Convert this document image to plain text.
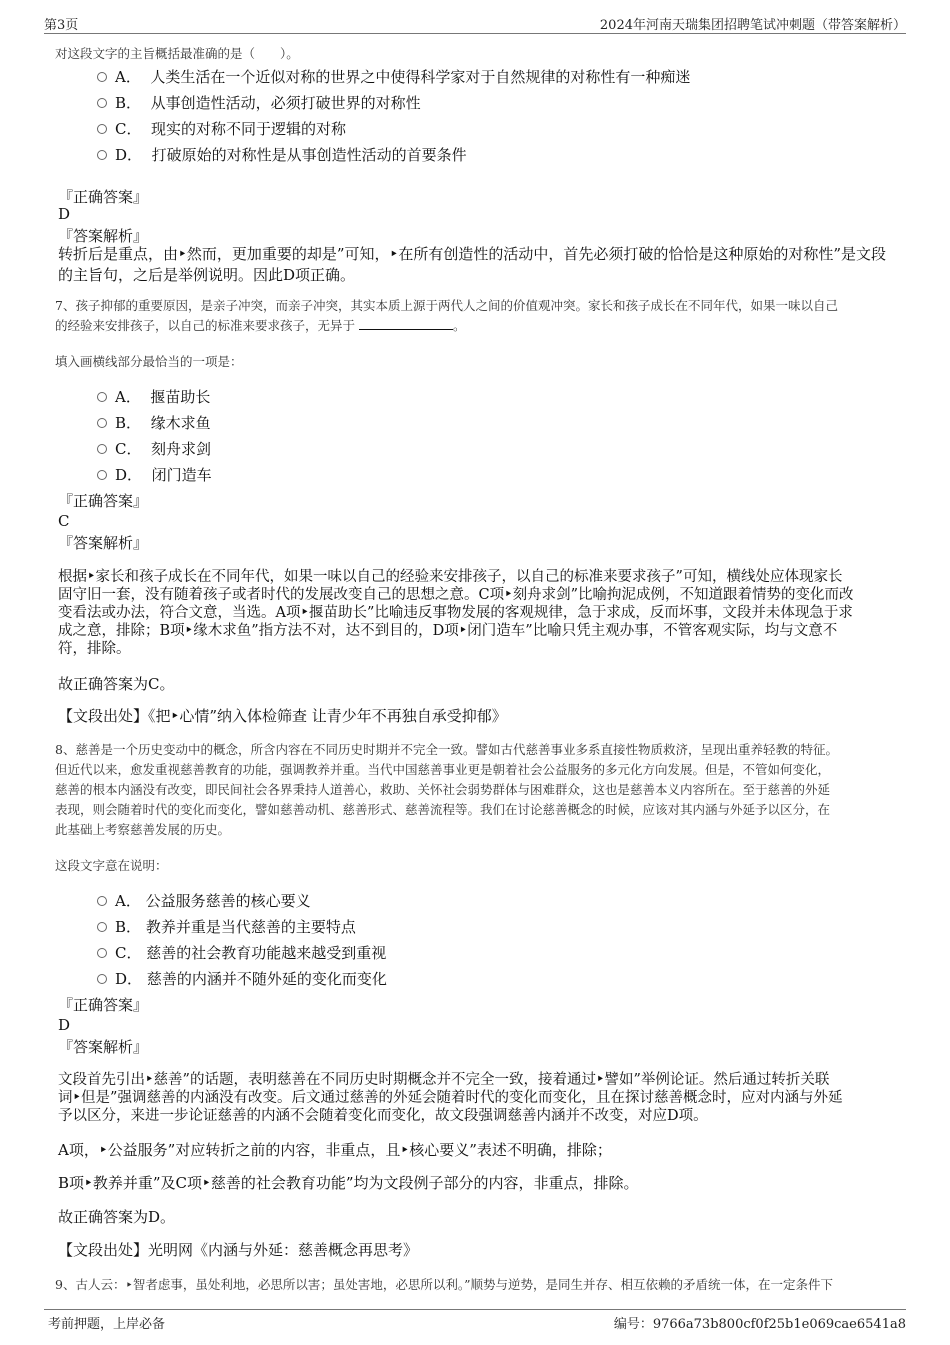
第3页	2024年河南天瑞集团招聘笔试冲刺题（带答案解析）
对这段文字的主旨概括最准确的是（　　）。
A． 人类生活在一个近似对称的世界之中使得科学家对于自然规律的对称性有一种痴迷
B． 从事创造性活动，必须打破世界的对称性
C． 现实的对称不同于逻辑的对称
D． 打破原始的对称性是从事创造性活动的首要条件
『正确答案』
D
『答案解析』
转折后是重点，由‣然而，更加重要的却是”可知，‣在所有创造性的活动中，首先必须打破的恰恰是这种原始的对称性”是文段
的主旨句，之后是举例说明。因此D项正确。
7、孩子抑郁的重要原因，是亲子冲突，而亲子冲突，其实本质上源于两代人之间的价值观冲突。家长和孩子成长在不同年代，如果一味以自己
的经验来安排孩子，以自己的标准来要求孩子，无异于	。
填入画横线部分最恰当的一项是：
A． 揠苗助长
B． 缘木求鱼
C． 刻舟求剑
D． 闭门造车
『正确答案』
C
『答案解析』
根据‣家长和孩子成长在不同年代，如果一味以自己的经验来安排孩子，以自己的标准来要求孩子”可知，横线处应体现家长
固守旧一套，没有随着孩子或者时代的发展改变自己的思想之意。C项‣刻舟求剑”比喻拘泥成例，不知道跟着情势的变化而改
变看法或办法，符合文意，当选。A项‣揠苗助长”比喻违反事物发展的客观规律，急于求成，反而坏事，文段并未体现急于求
成之意，排除；B项‣缘木求鱼”指方法不对，达不到目的，D项‣闭门造车”比喻只凭主观办事，不管客观实际，均与文意不
符，排除。
故正确答案为C。
【文段出处】《把‣心情”纳入体检筛查 让青少年不再独自承受抑郁》
8、慈善是一个历史变动中的概念，所含内容在不同历史时期并不完全一致。譬如古代慈善事业多系直接性物质救济，呈现出重养轻教的特征。
但近代以来，愈发重视慈善教育的功能，强调教养并重。当代中国慈善事业更是朝着社会公益服务的多元化方向发展。但是，不管如何变化，
慈善的根本内涵没有改变，即民间社会各界秉持人道善心，救助、关怀社会弱势群体与困难群众，这也是慈善本义内容所在。至于慈善的外延
表现，则会随着时代的变化而变化，譬如慈善动机、慈善形式、慈善流程等。我们在讨论慈善概念的时候，应该对其内涵与外延予以区分，在
此基础上考察慈善发展的历史。
这段文字意在说明：
A． 公益服务慈善的核心要义
B． 教养并重是当代慈善的主要特点
C． 慈善的社会教育功能越来越受到重视
D． 慈善的内涵并不随外延的变化而变化
『正确答案』
D
『答案解析』
文段首先引出‣慈善”的话题，表明慈善在不同历史时期概念并不完全一致，接着通过‣譬如”举例论证。然后通过转折关联
词‣但是”强调慈善的内涵没有改变。后文通过慈善的外延会随着时代的变化而变化，且在探讨慈善概念时，应对内涵与外延
予以区分，来进一步论证慈善的内涵不会随着变化而变化，故文段强调慈善内涵并不改变，对应D项。
A项，‣公益服务”对应转折之前的内容，非重点，且‣核心要义”表述不明确，排除；
B项‣教养并重”及C项‣慈善的社会教育功能”均为文段例子部分的内容，非重点，排除。
故正确答案为D。
【文段出处】光明网《内涵与外延：慈善概念再思考》
9、古人云：‣智者虑事，虽处利地，必思所以害；虽处害地，必思所以利。”顺势与逆势，是同生并存、相互依赖的矛盾统一体，在一定条件下
考前押题，上岸必备	编号：9766a73b800cf0f25b1e069cae6541a8
